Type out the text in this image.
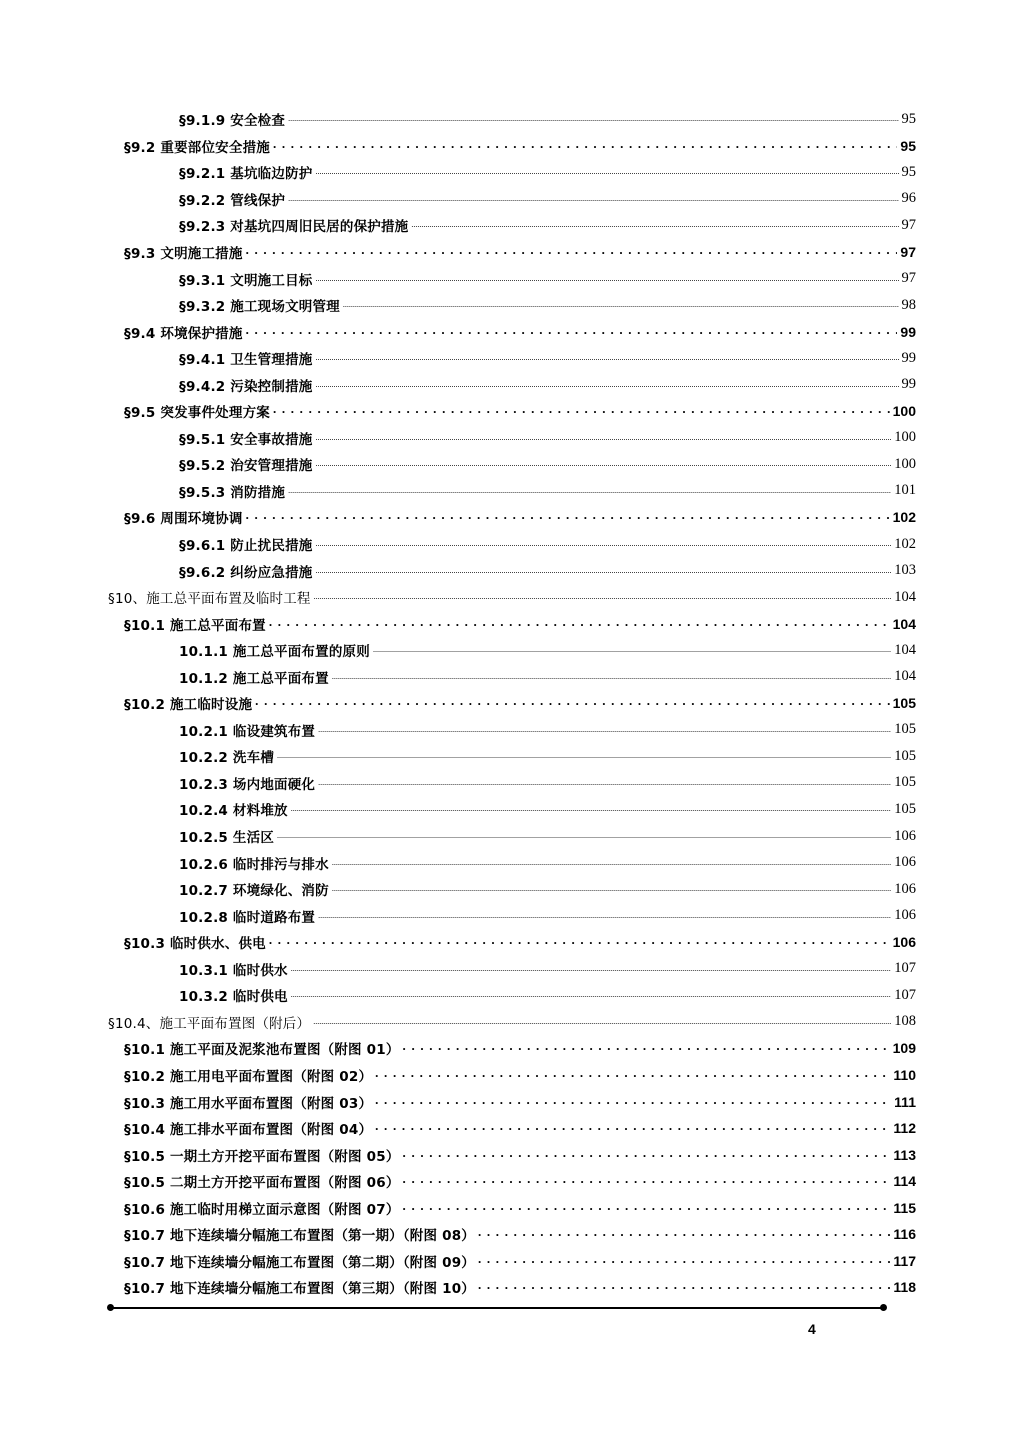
§9.1.9 安全检查 .....	95
§9.2 重要部位安全措施 . . .	95
§9.2.1 基坑临边防护 .....	95
§9.2.2 管线保护 .....	96
§9.2.3 对基坑四周旧民居的保护措施 .....	97
§9.3 文明施工措施 . . .	97
§9.3.1 文明施工目标 .....	97
§9.3.2 施工现场文明管理 .....	98
§9.4 环境保护措施 . . .	99
§9.4.1 卫生管理措施 .....	99
§9.4.2 污染控制措施 .....	99
§9.5 突发事件处理方案 . . .	100
§9.5.1 安全事故措施 .....	100
§9.5.2 治安管理措施 .....	100
§9.5.3 消防措施 .....	101
§9.6 周围环境协调 . . .	102
§9.6.1 防止扰民措施 .....	102
§9.6.2 纠纷应急措施 .....	103
§10、施工总平面布置及临时工程 .....	104
§10.1 施工总平面布置 . . .	104
10.1.1 施工总平面布置的原则 .....	104
10.1.2 施工总平面布置 .....	104
§10.2 施工临时设施 . . .	105
10.2.1 临设建筑布置 .....	105
10.2.2 洗车槽 .....	105
10.2.3 场内地面硬化 .....	105
10.2.4 材料堆放 .....	105
10.2.5 生活区 .....	106
10.2.6 临时排污与排水 .....	106
10.2.7 环境绿化、消防 .....	106
10.2.8 临时道路布置 .....	106
§10.3 临时供水、供电 . . .	106
10.3.1 临时供水 .....	107
10.3.2 临时供电 .....	107
§10.4、施工平面布置图（附后） .....	108
§10.1 施工平面及泥浆池布置图（附图 01） . . .	109
§10.2 施工用电平面布置图（附图 02） . . .	110
§10.3 施工用水平面布置图（附图 03） . . .	111
§10.4 施工排水平面布置图（附图 04） . . .	112
§10.5 一期土方开挖平面布置图（附图 05） . . .	113
§10.5 二期土方开挖平面布置图（附图 06） . . .	114
§10.6 施工临时用梯立面示意图（附图 07） . . .	115
§10.7 地下连续墙分幅施工布置图（第一期）（附图 08） . . .	116
§10.7 地下连续墙分幅施工布置图（第二期）（附图 09） . . .	117
§10.7 地下连续墙分幅施工布置图（第三期）（附图 10） . . .	118
4
